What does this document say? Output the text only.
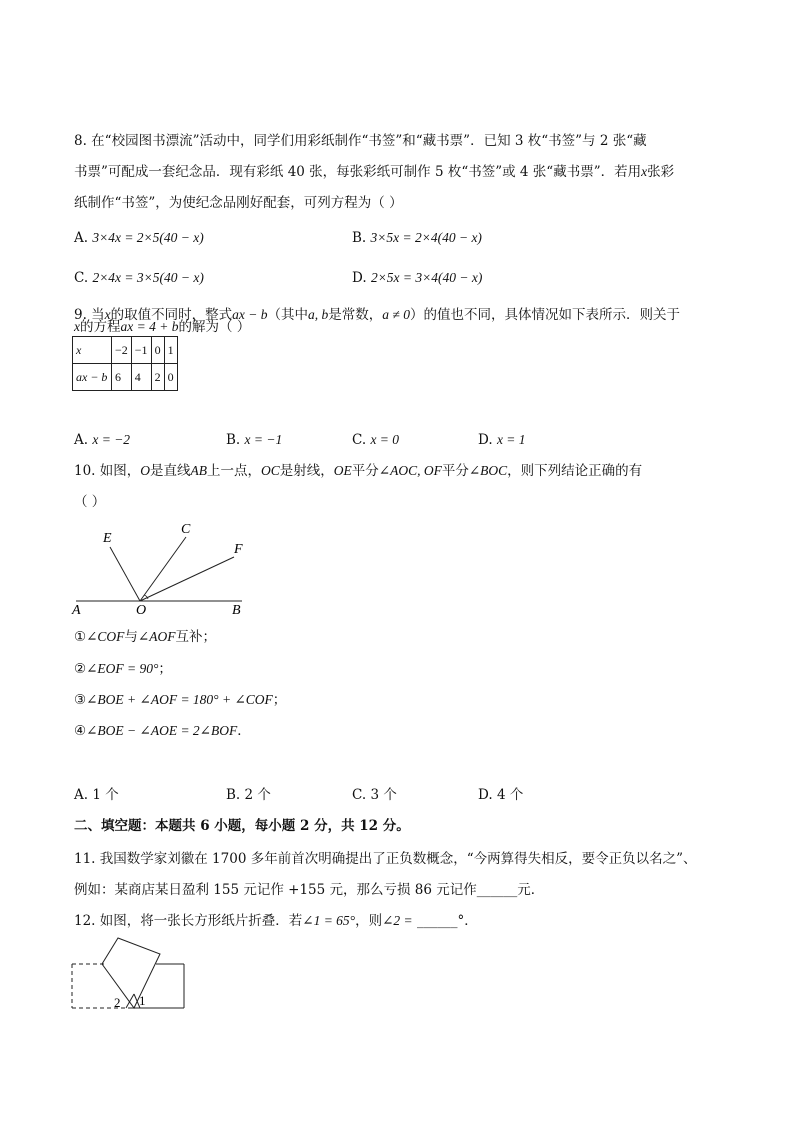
8. 在“校园图书漂流”活动中，同学们用彩纸制作“书签”和“藏书票”．已知 3 枚“书签”与 2 张“藏
书票”可配成一套纪念品．现有彩纸 40 张，每张彩纸可制作 5 枚“书签”或 4 张“藏书票”．若用x张彩
纸制作“书签”，为使纪念品刚好配套，可列方程为（ ）
A. 3×4x = 2×5(40 − x)	B. 3×5x = 2×4(40 − x)
C. 2×4x = 3×5(40 − x)	D. 2×5x = 3×4(40 − x)
9. 当x的取值不同时，整式ax − b（其中a, b是常数，a ≠ 0）的值也不同，具体情况如下表所示．则关于
x的方程ax = 4 + b的解为（ ）
x	−2	−1	0	1
ax − b	6	4	2	0
A. x = −2	B. x = −1	C. x = 0	D. x = 1
10. 如图，O是直线AB上一点，OC是射线，OE平分∠AOC, OF平分∠BOC，则下列结论正确的有
（ ）
E
C
F
A	O	B
①∠COF与∠AOF互补；
②∠EOF = 90°；
③∠BOE + ∠AOF = 180° + ∠COF；
④∠BOE − ∠AOE = 2∠BOF．
A. 1 个	B. 2 个	C. 3 个	D. 4 个
二、填空题：本题共 6 小题，每小题 2 分，共 12 分。
11. 我国数学家刘徽在 1700 多年前首次明确提出了正负数概念，“今两算得失相反，要令正负以名之”、
例如：某商店某日盈利 155 元记作 +155 元，那么亏损 86 元记作______元．
12. 如图，将一张长方形纸片折叠．若∠1 = 65°，则∠2 = ______°．
2 1
